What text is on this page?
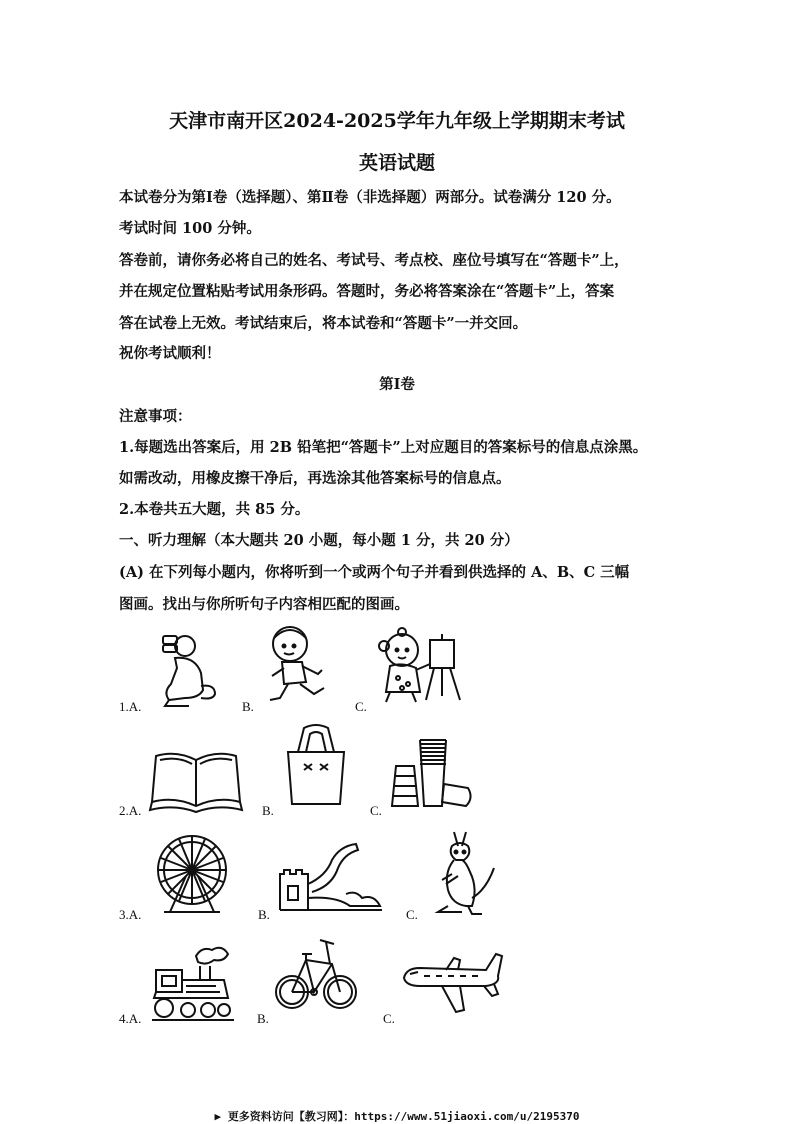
天津市南开区2024-2025学年九年级上学期期末考试
英语试题
本试卷分为第Ⅰ卷（选择题）、第Ⅱ卷（非选择题）两部分。试卷满分 120 分。
考试时间 100 分钟。
答卷前，请你务必将自己的姓名、考试号、考点校、座位号填写在“答题卡”上，
并在规定位置粘贴考试用条形码。答题时，务必将答案涂在“答题卡”上，答案
答在试卷上无效。考试结束后，将本试卷和“答题卡”一并交回。
祝你考试顺利！
第Ⅰ卷
注意事项：
1.每题选出答案后，用 2B 铅笔把“答题卡”上对应题目的答案标号的信息点涂黑。
如需改动，用橡皮擦干净后，再选涂其他答案标号的信息点。
2.本卷共五大题，共 85 分。
一、听力理解（本大题共 20 小题，每小题 1 分，共 20 分）
(A) 在下列每小题内，你将听到一个或两个句子并看到供选择的 A、B、C 三幅
图画。找出与你所听句子内容相匹配的图画。
1.A.	B.	C.
2.A.	B.	C.
3.A.	B.	C.
4.A.	B.	C.
▶ 更多资料访问【教习网】：https://www.51jiaoxi.com/u/2195370
